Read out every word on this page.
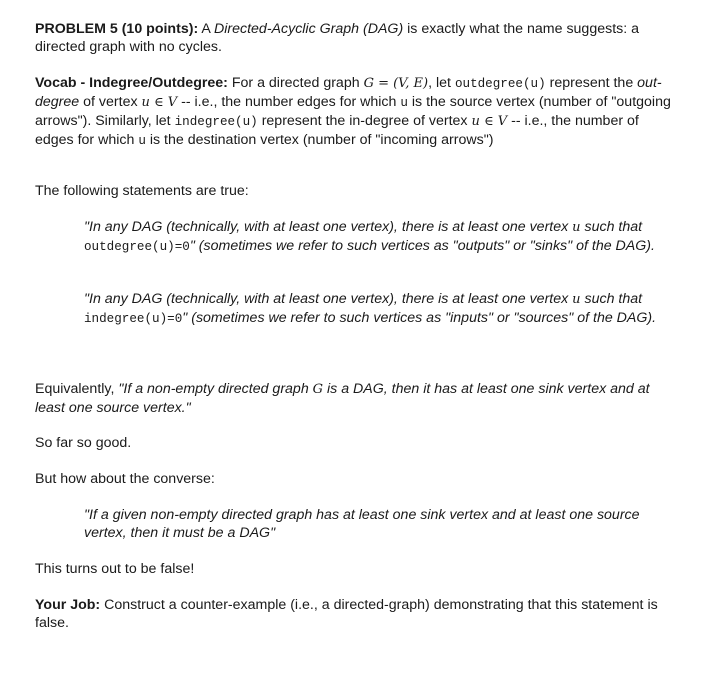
PROBLEM 5 (10 points): A Directed-Acyclic Graph (DAG) is exactly what the name suggests: a directed graph with no cycles.

Vocab - Indegree/Outdegree: For a directed graph G = (V, E), let outdegree(u) represent the out-degree of vertex u ∈ V -- i.e., the number edges for which u is the source vertex (number of "outgoing arrows"). Similarly, let indegree(u) represent the in-degree of vertex u ∈ V -- i.e., the number of edges for which u is the destination vertex (number of "incoming arrows")

The following statements are true:

"In any DAG (technically, with at least one vertex), there is at least one vertex u such that outdegree(u)=0" (sometimes we refer to such vertices as "outputs" or "sinks" of the DAG).

"In any DAG (technically, with at least one vertex), there is at least one vertex u such that indegree(u)=0" (sometimes we refer to such vertices as "inputs" or "sources" of the DAG).

Equivalently, "If a non-empty directed graph G is a DAG, then it has at least one sink vertex and at least one source vertex."

So far so good.

But how about the converse:

"If a given non-empty directed graph has at least one sink vertex and at least one source vertex, then it must be a DAG"

This turns out to be false!

Your Job: Construct a counter-example (i.e., a directed-graph) demonstrating that this statement is false.
